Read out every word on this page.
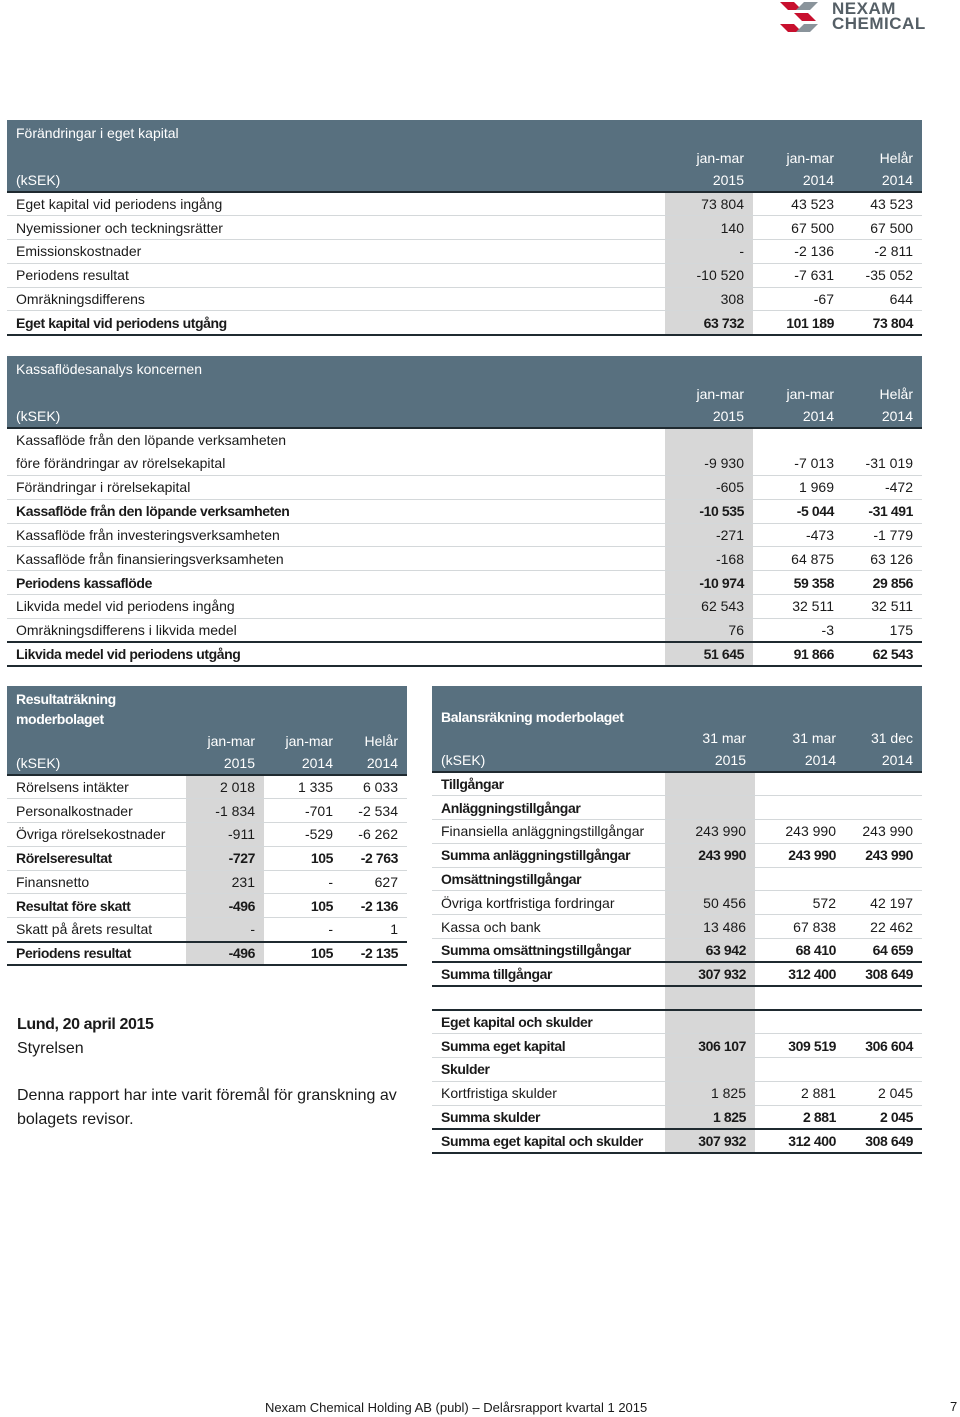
NEXAM
CHEMICAL
Förändringar i eget kapital			
	jan-mar	jan-mar	Helår
(kSEK)	2015	2014	2014
Eget kapital vid periodens ingång	73 804	43 523	43 523
Nyemissioner och teckningsrätter	140	67 500	67 500
Emissionskostnader	-	-2 136	-2 811
Periodens resultat	-10 520	-7 631	-35 052
Omräkningsdifferens	308	-67	644
Eget kapital vid periodens utgång	63 732	101 189	73 804
Kassaflödesanalys koncernen			
	jan-mar	jan-mar	Helår
(kSEK)	2015	2014	2014
Kassaflöde från den löpande verksamheten			
före förändringar av rörelsekapital	-9 930	-7 013	-31 019
Förändringar i rörelsekapital	-605	1 969	-472
Kassaflöde från den löpande verksamheten	-10 535	-5 044	-31 491
Kassaflöde från investeringsverksamheten	-271	-473	-1 779
Kassaflöde från finansieringsverksamheten	-168	64 875	63 126
Periodens kassaflöde	-10 974	59 358	29 856
Likvida medel vid periodens ingång	62 543	32 511	32 511
Omräkningsdifferens i likvida medel	76	-3	175
Likvida medel vid periodens utgång	51 645	91 866	62 543
Resultaträkning
moderbolaget			

	jan-mar	jan-mar	Helår
(kSEK)	2015	2014	2014
Rörelsens intäkter	2 018	1 335	6 033
Personalkostnader	-1 834	-701	-2 534
Övriga rörelsekostnader	-911	-529	-6 262
Rörelseresultat	-727	105	-2 763
Finansnetto	231	-	627
Resultat före skatt	-496	105	-2 136
Skatt på årets resultat	-	-	1
Periodens resultat	-496	105	-2 135
Balansräkning moderbolaget			
	31 mar	31 mar	31 dec
(kSEK)	2015	2014	2014
Tillgångar			
Anläggningstillgångar			
Finansiella anläggningstillgångar	243 990	243 990	243 990
Summa anläggningstillgångar	243 990	243 990	243 990
Omsättningstillgångar			
Övriga kortfristiga fordringar	50 456	572	42 197
Kassa och bank	13 486	67 838	22 462
Summa omsättningstillgångar	63 942	68 410	64 659
Summa tillgångar	307 932	312 400	308 649

Eget kapital och skulder			
Summa eget kapital	306 107	309 519	306 604
Skulder			
Kortfristiga skulder	1 825	2 881	2 045
Summa skulder	1 825	2 881	2 045
Summa eget kapital och skulder	307 932	312 400	308 649
Lund, 20 april 2015
Styrelsen
Denna rapport har inte varit föremål för granskning av bolagets revisor.
Nexam Chemical Holding AB (publ) – Delårsrapport kvartal 1 2015	7
